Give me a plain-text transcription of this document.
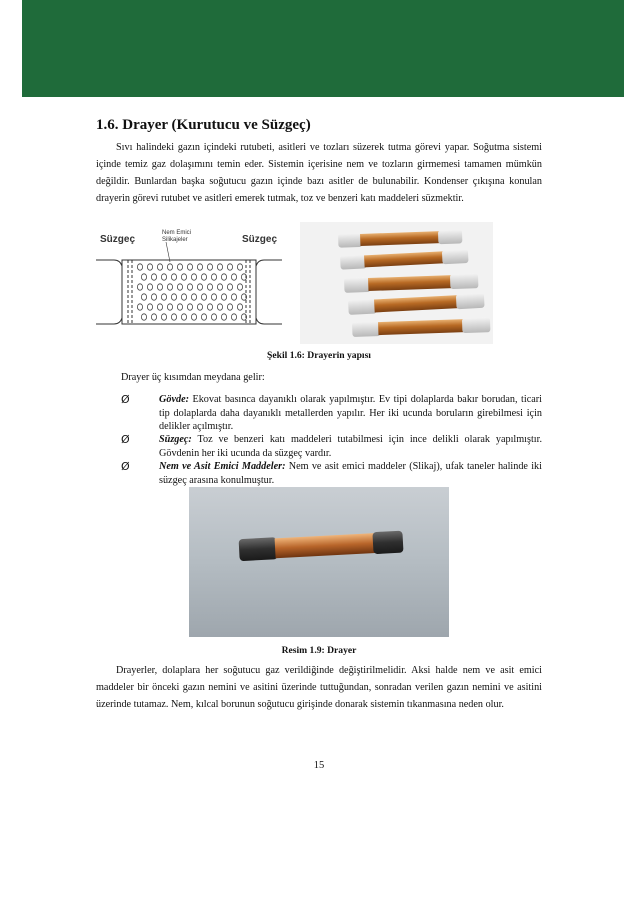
1.6. Drayer (Kurutucu ve Süzgeç)

Sıvı halindeki gazın içindeki rutubeti, asitleri ve tozları süzerek tutma görevi yapar. Soğutma sistemi içinde temiz gaz dolaşımını temin eder. Sistemin içerisine nem ve tozların girmemesi tamamen mümkün değildir. Bunlardan başka soğutucu gazın içinde bazı asitler de bulunabilir. Kondenser çıkışına konulan drayerin görevi rutubet ve asitleri emerek tutmak, toz ve benzeri katı maddeleri süzmektir.

Süzgeç	Süzgeç
Nem Emici
Silikajeler

Şekil 1.6: Drayerin yapısı

Drayer üç kısımdan meydana gelir:

Ø	Gövde: Ekovat basınca dayanıklı olarak yapılmıştır. Ev tipi dolaplarda bakır borudan, ticari tip dolaplarda daha dayanıklı metallerden yapılır. Her iki ucunda boruların girebilmesi için delikler açılmıştır.
Ø	Süzgeç: Toz ve benzeri katı maddeleri tutabilmesi için ince delikli olarak yapılmıştır. Gövdenin her iki ucunda da süzgeç vardır.
Ø	Nem ve Asit Emici Maddeler: Nem ve asit emici maddeler (Slikaj), ufak taneler halinde iki süzgeç arasına konulmuştur.

Resim 1.9: Drayer

Drayerler, dolaplara her soğutucu gaz verildiğinde değiştirilmelidir. Aksi halde nem ve asit emici maddeler bir önceki gazın nemini ve asitini üzerinde tuttuğundan, sonradan verilen gazın nemini ve asitini üzerinde tutamaz. Nem, kılcal borunun soğutucu girişinde donarak sistemin tıkanmasına neden olur.

15
